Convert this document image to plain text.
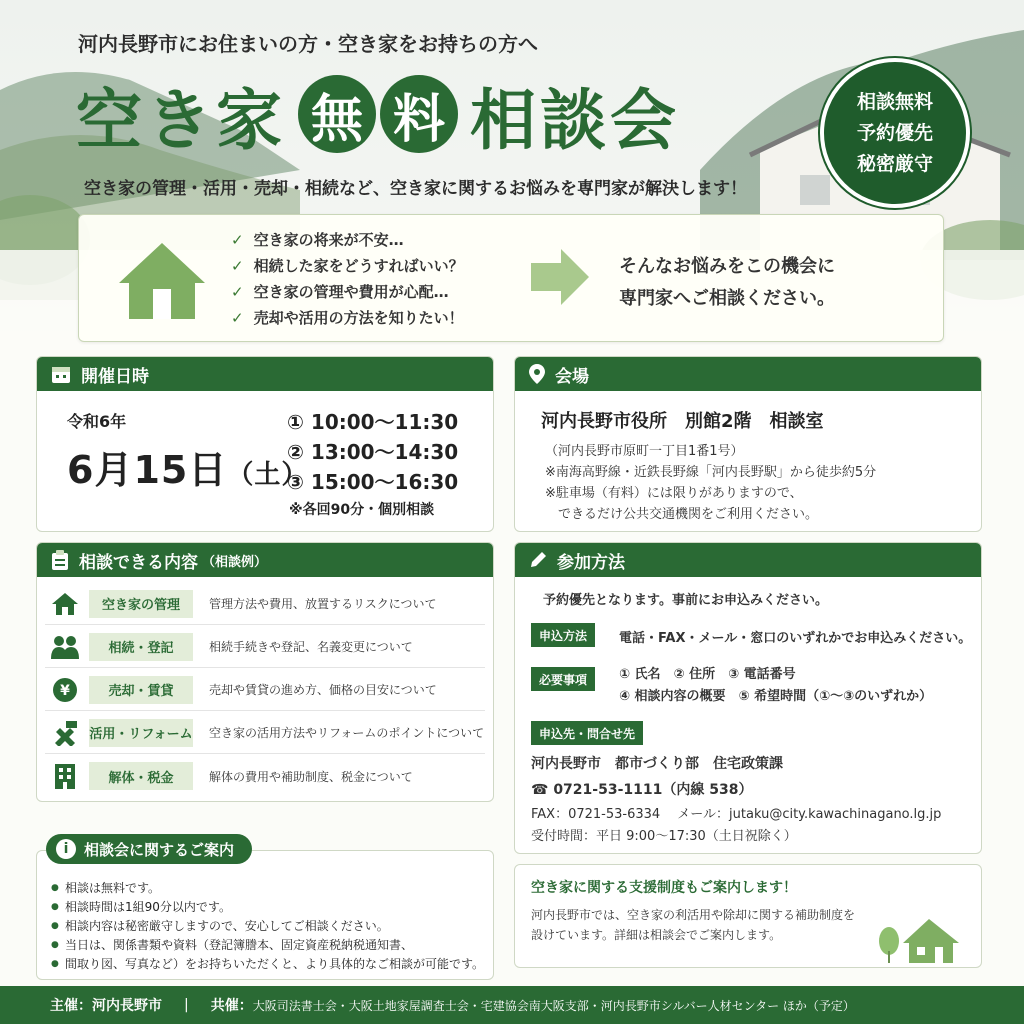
河内長野市にお住まいの方・空き家をお持ちの方へ
空き家 無 料 相談会	相談無料
予約優先
秘密厳守
空き家の管理・活用・売却・相続など、空き家に関するお悩みを専門家が解決します！
✓ 空き家の将来が不安…
✓ 相続した家をどうすればいい？
✓ 空き家の管理や費用が心配…
✓ 売却や活用の方法を知りたい！
そんなお悩みをこの機会に
専門家へご相談ください。
開催日時
令和6年
6月15日（土）
① 10:00～11:30
② 13:00～14:30
③ 15:00～16:30
※各回90分・個別相談
会場
河内長野市役所　別館2階　相談室
（河内長野市原町一丁目1番1号）
※南海高野線・近鉄長野線「河内長野駅」から徒歩約5分
※駐車場（有料）には限りがありますので、
　できるだけ公共交通機関をご利用ください。
相談できる内容 （相談例）
空き家の管理	管理方法や費用、放置するリスクについて
相続・登記	相続手続きや登記、名義変更について
¥	売却・賃貸	売却や賃貸の進め方、価格の目安について
活用・リフォーム 空き家の活用方法やリフォームのポイントについて
解体・税金	解体の費用や補助制度、税金について
参加方法
予約優先となります。事前にお申込みください。
申込方法	電話・FAX・メール・窓口のいずれかでお申込みください。
必要事項	① 氏名　② 住所　③ 電話番号
④ 相談内容の概要　⑤ 希望時間（①～③のいずれか）
申込先・問合せ先
河内長野市　都市づくり部　住宅政策課
☎ 0721-53-1111（内線 538）
FAX：0721-53-6334　 メール：jutaku@city.kawachinagano.lg.jp
受付時間：平日 9:00～17:30（土日祝除く）
● 相談は無料です。
● 相談時間は1組90分以内です。
● 相談内容は秘密厳守しますので、安心してご相談ください。
● 当日は、関係書類や資料（登記簿謄本、固定資産税納税通知書、
● 間取り図、写真など）をお持ちいただくと、より具体的なご相談が可能です。
i	相談会に関するご案内
空き家に関する支援制度もご案内します！
河内長野市では、空き家の利活用や除却に関する補助制度を
設けています。詳細は相談会でご案内します。
主催：河内長野市 | 共催：大阪司法書士会・大阪土地家屋調査士会・宅建協会南大阪支部・河内長野市シルバー人材センター ほか（予定）
